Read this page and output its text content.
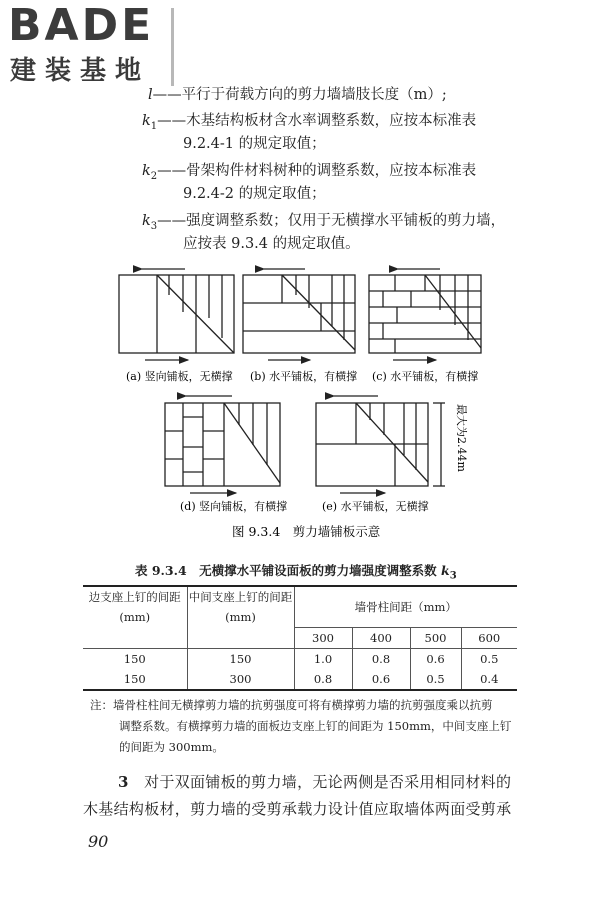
BADE
建装基地
l——平行于荷载方向的剪力墙墙肢长度（m）;
$k_1——$木基结构板材含水率调整系数，应按本标准表
9.2.4-1 的规定取值；
$k_2——$骨架构件材料树种的调整系数，应按本标准表
9.2.4-2 的规定取值；
$k_3——$强度调整系数；仅用于无横撑水平铺板的剪力墙，
应按表 9.3.4 的规定取值。
(a) 竖向铺板，无横撑 (b) 水平铺板，有横撑 (c) 水平铺板，有横撑
(d) 竖向铺板，有横撑	(e) 水平铺板，无横撑
最大为2.44m
图 9.3.4　剪力墙铺板示意
表 9.3.4　无横撑水平铺设面板的剪力墙强度调整系数 $k_3$
边支座上钉的间距	中间支座上钉的间距	墙骨柱间距（mm）			
(mm)	(mm)				
		300	400	500	600
150	150	1.0	0.8	0.6	0.5
150	300	0.8	0.6	0.5	0.4
注：墙骨柱柱间无横撑剪力墙的抗剪强度可将有横撑剪力墙的抗剪强度乘以抗剪
调整系数。有横撑剪力墙的面板边支座上钉的间距为 150mm，中间支座上钉
的间距为 300mm。
3　 对于双面铺板的剪力墙，无论两侧是否采用相同材料的
木基结构板材，剪力墙的受剪承载力设计值应取墙体两面受剪承
90
